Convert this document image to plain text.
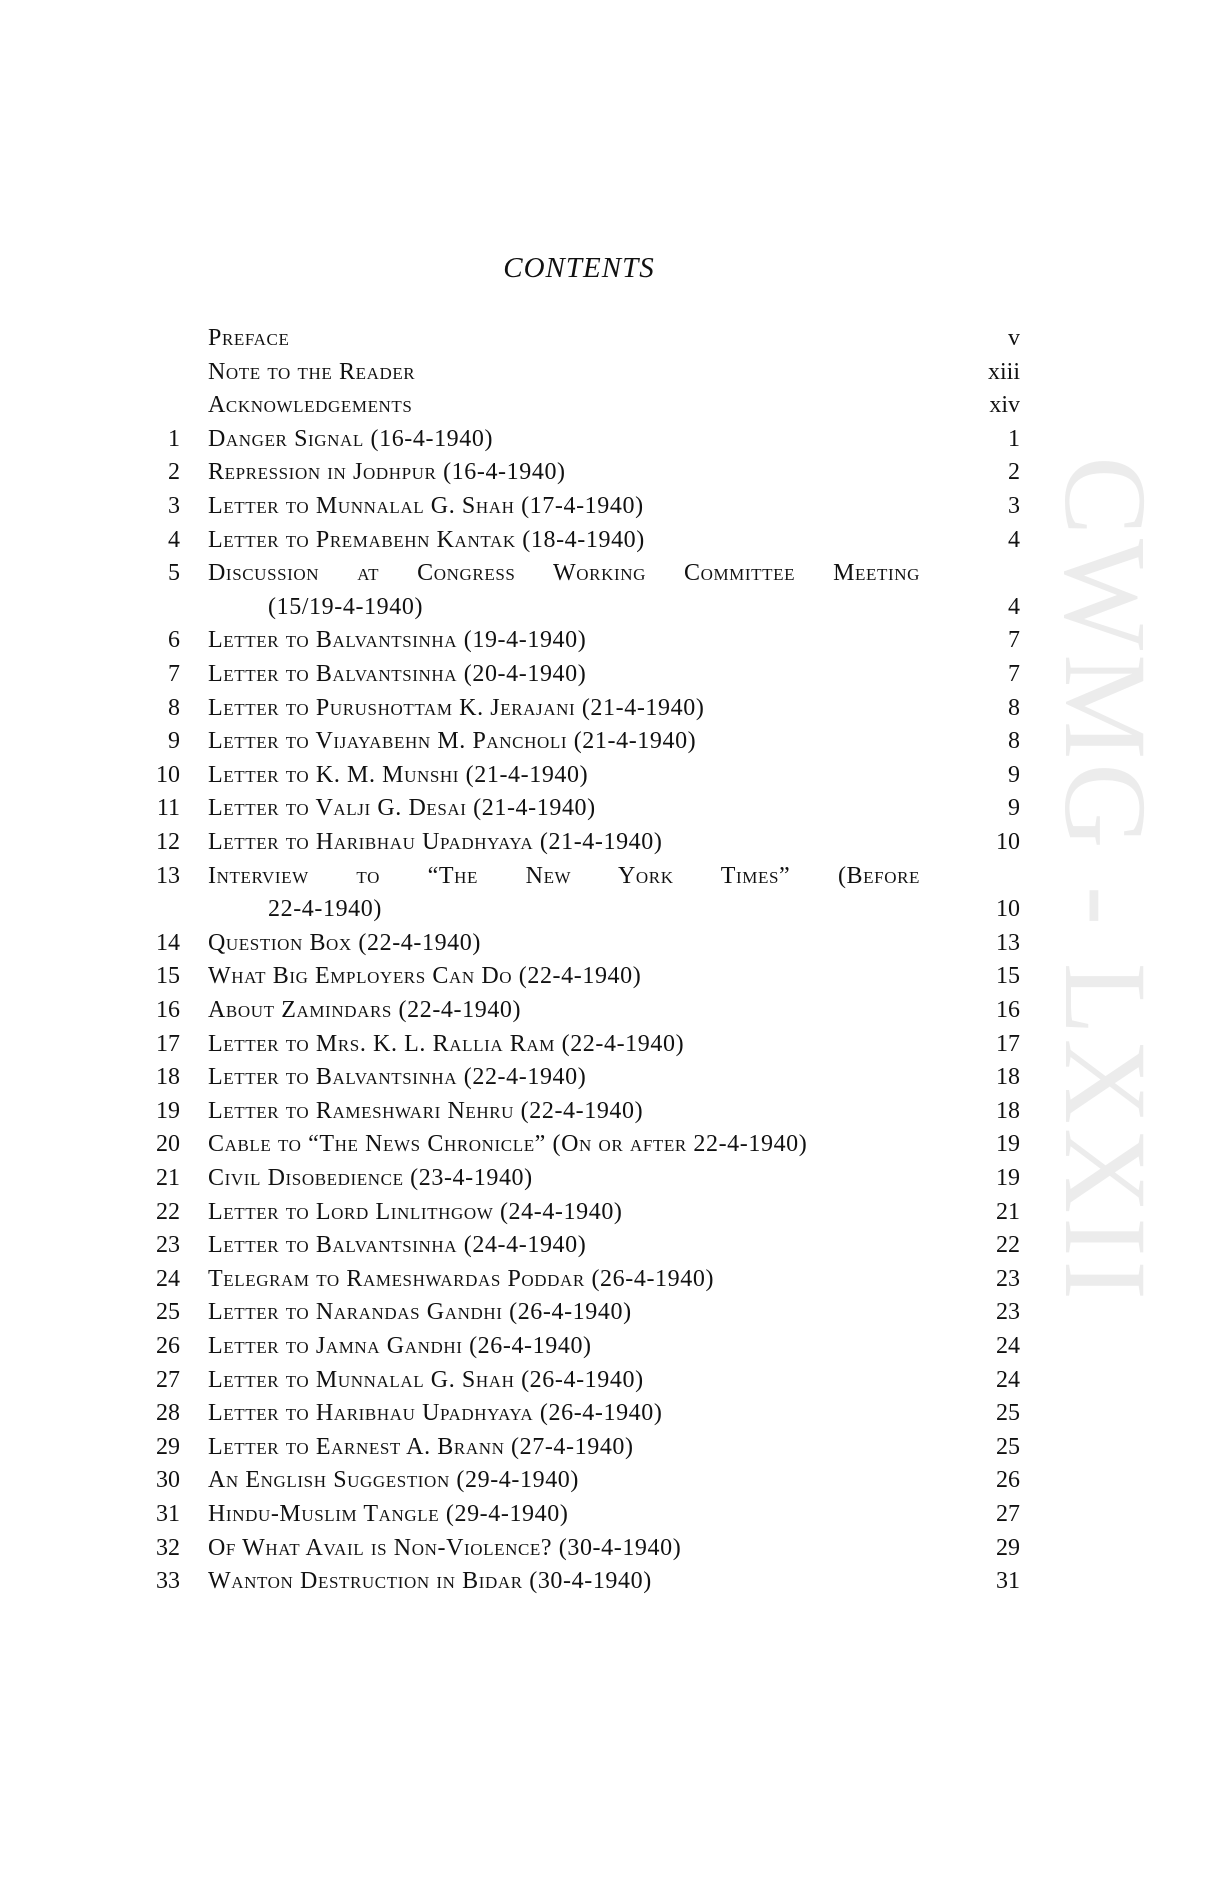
CWMG - LXXII
CONTENTS
Preface	v
Note to the Reader	xiii
Acknowledgements	xiv
1 Danger Signal (16-4-1940)	1
2 Repression in Jodhpur (16-4-1940)	2
3 Letter to Munnalal G. Shah (17-4-1940)	3
4 Letter to Premabehn Kantak (18-4-1940)	4
5 Discussion at Congress Working Committee Meeting
(15/19-4-1940)	4
6 Letter to Balvantsinha (19-4-1940)	7
7 Letter to Balvantsinha (20-4-1940)	7
8 Letter to Purushottam K. Jerajani (21-4-1940)	8
9 Letter to Vijayabehn M. Pancholi (21-4-1940)	8
10 Letter to K. M. Munshi (21-4-1940)	9
11 Letter to Valji G. Desai (21-4-1940)	9
12 Letter to Haribhau Upadhyaya (21-4-1940)	10
13 Interview to “The New York Times” (Before
22-4-1940)	10
14 Question Box (22-4-1940)	13
15 What Big Employers Can Do (22-4-1940)	15
16 About Zamindars (22-4-1940)	16
17 Letter to Mrs. K. L. Rallia Ram (22-4-1940)	17
18 Letter to Balvantsinha (22-4-1940)	18
19 Letter to Rameshwari Nehru (22-4-1940)	18
20 Cable to “The News Chronicle” (On or after 22-4-1940)	19
21 Civil Disobedience (23-4-1940)	19
22 Letter to Lord Linlithgow (24-4-1940)	21
23 Letter to Balvantsinha (24-4-1940)	22
24 Telegram to Rameshwardas Poddar (26-4-1940)	23
25 Letter to Narandas Gandhi (26-4-1940)	23
26 Letter to Jamna Gandhi (26-4-1940)	24
27 Letter to Munnalal G. Shah (26-4-1940)	24
28 Letter to Haribhau Upadhyaya (26-4-1940)	25
29 Letter to Earnest A. Brann (27-4-1940)	25
30 An English Suggestion (29-4-1940)	26
31 Hindu-Muslim Tangle (29-4-1940)	27
32 Of What Avail is Non-Violence? (30-4-1940)	29
33 Wanton Destruction in Bidar (30-4-1940)	31
